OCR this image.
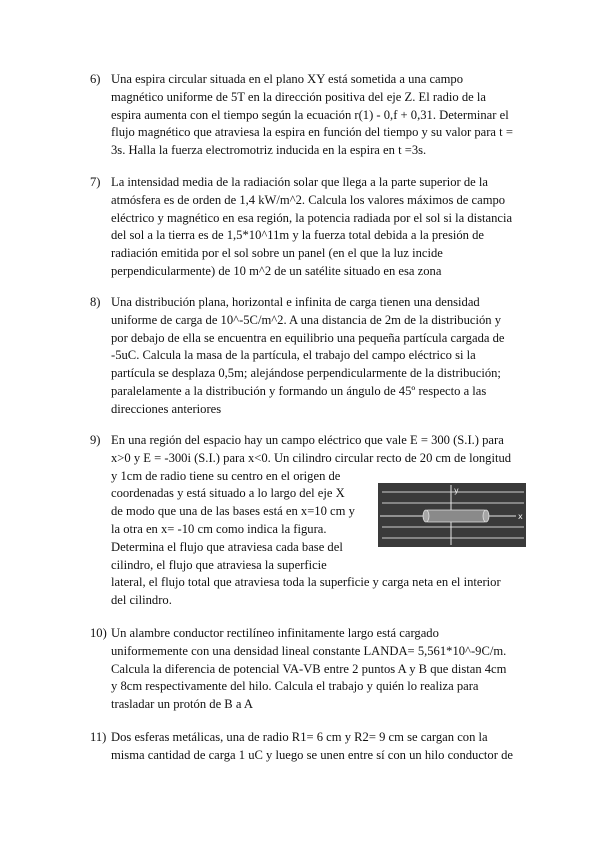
6) Una espira circular situada en el plano XY está sometida a una campo
magnético uniforme de 5T en la dirección positiva del eje Z. El radio de la
espira aumenta con el tiempo según la ecuación r(1) - 0,f + 0,31. Determinar el
flujo magnético que atraviesa la espira en función del tiempo y su valor para t =
3s. Halla la fuerza electromotriz inducida en la espira en t =3s.
7) La intensidad media de la radiación solar que llega a la parte superior de la
atmósfera es de orden de 1,4 kW/m^2. Calcula los valores máximos de campo
eléctrico y magnético en esa región, la potencia radiada por el sol si la distancia
del sol a la tierra es de 1,5*10^11m y la fuerza total debida a la presión de
radiación emitida por el sol sobre un panel (en el que la luz incide
perpendicularmente) de 10 m^2 de un satélite situado en esa zona
8) Una distribución plana, horizontal e infinita de carga tienen una densidad
uniforme de carga de 10^-5C/m^2. A una distancia de 2m de la distribución y
por debajo de ella se encuentra en equilibrio una pequeña partícula cargada de
-5uC. Calcula la masa de la partícula, el trabajo del campo eléctrico si la
partícula se desplaza 0,5m; alejándose perpendicularmente de la distribución;
paralelamente a la distribución y formando un ángulo de 45º respecto a las
direcciones anteriores
9) En una región del espacio hay un campo eléctrico que vale E = 300 (S.I.) para
x>0 y E = -300i (S.I.) para x<0. Un cilindro circular recto de 20 cm de longitud
y 1cm de radio tiene su centro en el origen de
coordenadas y está situado a lo largo del eje X
de modo que una de las bases está en x=10 cm y
la otra en x= -10 cm como indica la figura.
Determina el flujo que atraviesa cada base del
cilindro, el flujo que atraviesa la superficie
lateral, el flujo total que atraviesa toda la superficie y carga neta en el interior
del cilindro.
y
x
10) Un alambre conductor rectilíneo infinitamente largo está cargado
uniformemente con una densidad lineal constante LANDA= 5,561*10^-9C/m.
Calcula la diferencia de potencial VA-VB entre 2 puntos A y B que distan 4cm
y 8cm respectivamente del hilo. Calcula el trabajo y quién lo realiza para
trasladar un protón de B a A
11) Dos esferas metálicas, una de radio R1= 6 cm y R2= 9 cm se cargan con la
misma cantidad de carga 1 uC y luego se unen entre sí con un hilo conductor de
